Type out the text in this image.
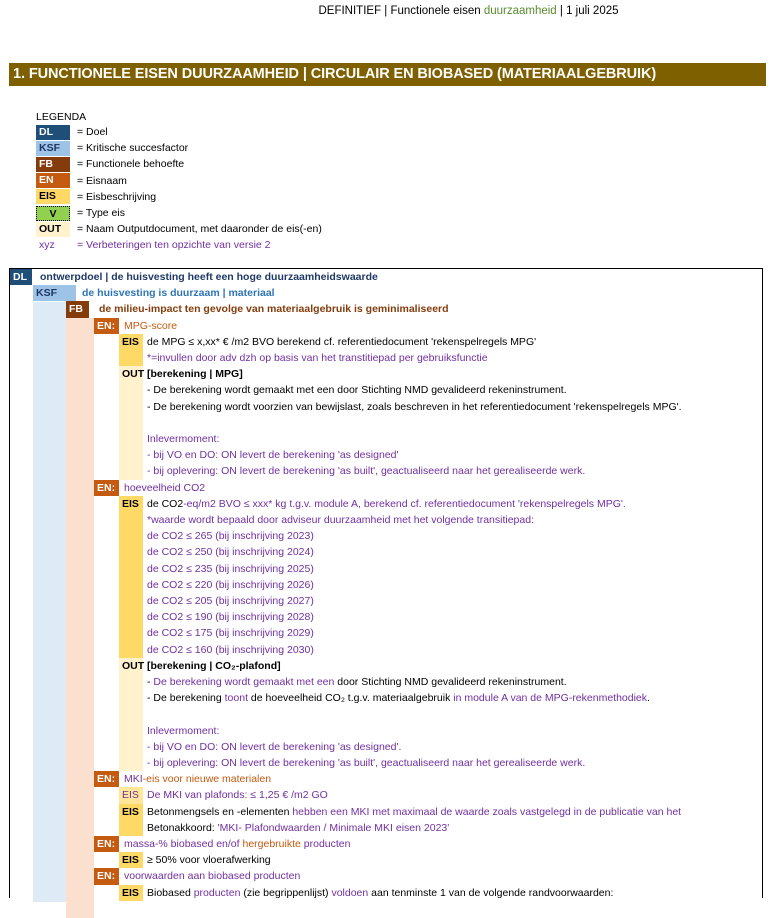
DEFINITIEF | Functionele eisen duurzaamheid | 1 juli 2025
1. FUNCTIONELE EISEN DUURZAAMHEID | CIRCULAIR EN BIOBASED (MATERIAALGEBRUIK)
LEGENDA
DL	= Doel
KSF	= Kritische succesfactor
FB	= Functionele behoefte
EN	= Eisnaam
EIS	= Eisbeschrijving
V	= Type eis
OUT	= Naam Outputdocument, met daaronder de eis(-en)
xyz	= Verbeteringen ten opzichte van versie 2
DL	ontwerpdoel | de huisvesting heeft een hoge duurzaamheidswaarde
KSF	de huisvesting is duurzaam | materiaal
FB	de milieu-impact ten gevolge van materiaalgebruik is geminimaliseerd
EN: MPG-score
EIS de MPG ≤ x,xx* € /m2 BVO berekend cf. referentiedocument 'rekenspelregels MPG'
*=invullen door adv dzh op basis van het transtitiepad per gebruiksfunctie
OUT [berekening | MPG]
- De berekening wordt gemaakt met een door Stichting NMD gevalideerd rekeninstrument.
- De berekening wordt voorzien van bewijslast, zoals beschreven in het referentiedocument 'rekenspelregels MPG'.
Inlevermoment:
- bij VO en DO: ON levert de berekening 'as designed'
- bij oplevering: ON levert de berekening 'as built', geactualiseerd naar het gerealiseerde werk.
EN: hoeveelheid CO2
EIS de CO2-eq/m2 BVO ≤ xxx* kg t.g.v. module A, berekend cf. referentiedocument 'rekenspelregels MPG'.
*waarde wordt bepaald door adviseur duurzaamheid met het volgende transitiepad:
de CO2 ≤ 265 (bij inschrijving 2023)
de CO2 ≤ 250 (bij inschrijving 2024)
de CO2 ≤ 235 (bij inschrijving 2025)
de CO2 ≤ 220 (bij inschrijving 2026)
de CO2 ≤ 205 (bij inschrijving 2027)
de CO2 ≤ 190 (bij inschrijving 2028)
de CO2 ≤ 175 (bij inschrijving 2029)
de CO2 ≤ 160 (bij inschrijving 2030)
OUT [berekening | CO₂-plafond]
- De berekening wordt gemaakt met een door Stichting NMD gevalideerd rekeninstrument.
- De berekening toont de hoeveelheid CO₂ t.g.v. materiaalgebruik in module A van de MPG-rekenmethodiek.
Inlevermoment:
- bij VO en DO: ON levert de berekening 'as designed'.
- bij oplevering: ON levert de berekening 'as built', geactualiseerd naar het gerealiseerde werk.
EN: MKI-eis voor nieuwe materialen
EIS De MKI van plafonds: ≤ 1,25 € /m2 GO
EIS Betonmengsels en -elementen hebben een MKI met maximaal de waarde zoals vastgelegd in de publicatie van het
Betonakkoord: 'MKI- Plafondwaarden / Minimale MKI eisen 2023'
EN: massa-% biobased en/of hergebruikte producten
EIS ≥ 50% voor vloerafwerking
EN: voorwaarden aan biobased producten
EIS Biobased producten (zie begrippenlijst) voldoen aan tenminste 1 van de volgende randvoorwaarden:
